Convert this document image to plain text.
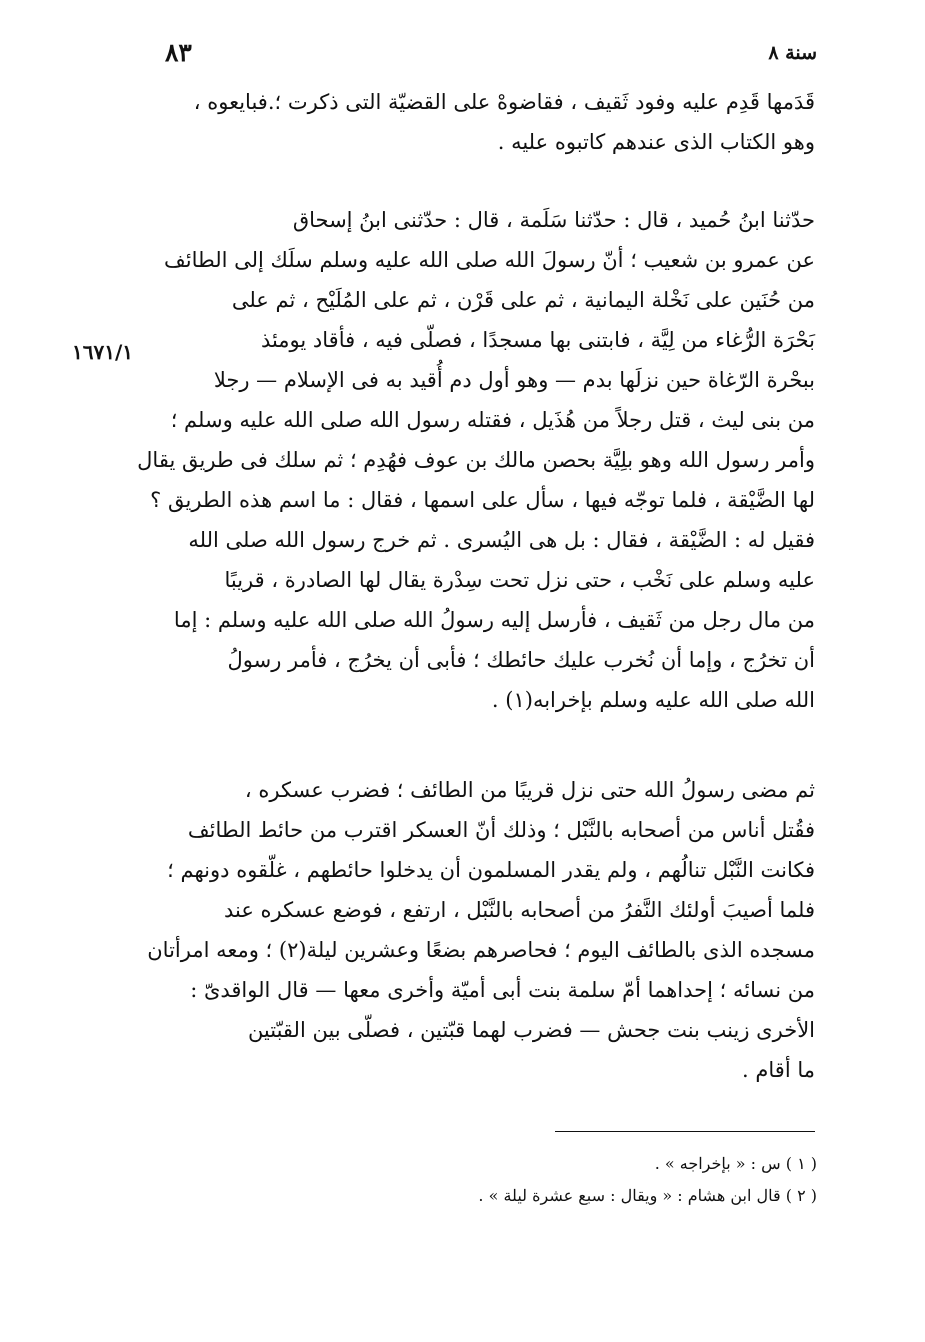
سنة ٨
٨٣
١٦٧١/١
قَدَمها قَدِم عليه وفود ثَقيف ، فقاضوهْ على القضيّة التى ذكرت ؛.فبايعوه ،
وهو الكتاب الذى عندهم كاتبوه عليه .
حدّثنا ابنُ حُميد ، قال : حدّثنا سَلَمة ، قال : حدّثنى ابنُ إسحاق
عن عمرو بن شعيب ؛ أنّ رسولَ الله صلى الله عليه وسلم سلَك إلى الطائف
من حُنَين على نَخْلة اليمانية ، ثم على قَرْن ، ثم على المُلَيْح ، ثم على
بَحْرَة الرُّغاء من لِيَّة ، فابتنى بها مسجدًا ، فصلّى فيه ، فأقاد يومئذ
ببحْرة الرّغاة حين نزلَها بدم — وهو أول دم أُقيد به فى الإسلام — رجلا
من بنى ليث ، قتل رجلاً من هُذَيل ، فقتله رسول الله صلى الله عليه وسلم ؛
وأمر رسول الله وهو بلِيَّة بحصن مالك بن عوف فهُدِم ؛ ثم سلك فى طريق يقال
لها الضَّيْقة ، فلما توجّه فيها ، سأل على اسمها ، فقال : ما اسم هذه الطريق ؟
فقيل له : الضَّيْقة ، فقال : بل هى اليُسرى . ثم خرج رسول الله صلى الله
عليه وسلم على نَخْب ، حتى نزل تحت سِدْرة يقال لها الصادرة ، قريبًا
من مال رجل من ثَقيف ، فأرسل إليه رسولُ الله صلى الله عليه وسلم : إما
أن تخرُج ، وإما أن نُخرب عليك حائطك ؛ فأبى أن يخرُج ، فأمر رسولُ
الله صلى الله عليه وسلم بإخرابه(١) .
ثم مضى رسولُ الله حتى نزل قريبًا من الطائف ؛ فضرب عسكره ،
فقُتل أناس من أصحابه بالنَّبْل ؛ وذلك أنّ العسكر اقترب من حائط الطائف
فكانت النَّبْل تنالُهم ، ولم يقدر المسلمون أن يدخلوا حائطهم ، غلّقوه دونهم ؛
فلما أصيبَ أولئك النَّفرُ من أصحابه بالنَّبْل ، ارتفع ، فوضع عسكره عند
مسجده الذى بالطائف اليوم ؛ فحاصرهم بضعًا وعشرين ليلة(٢) ؛ ومعه امرأتان
من نسائه ؛ إحداهما أمّ سلمة بنت أبى أميّة وأخرى معها — قال الواقدىّ :
الأخرى زينب بنت جحش — فضرب لهما قبّتين ، فصلّى بين القبّتين
ما أقام .
( ١ ) س : « بإخراجه » .
( ٢ ) قال ابن هشام : « ويقال : سبع عشرة ليلة » .
